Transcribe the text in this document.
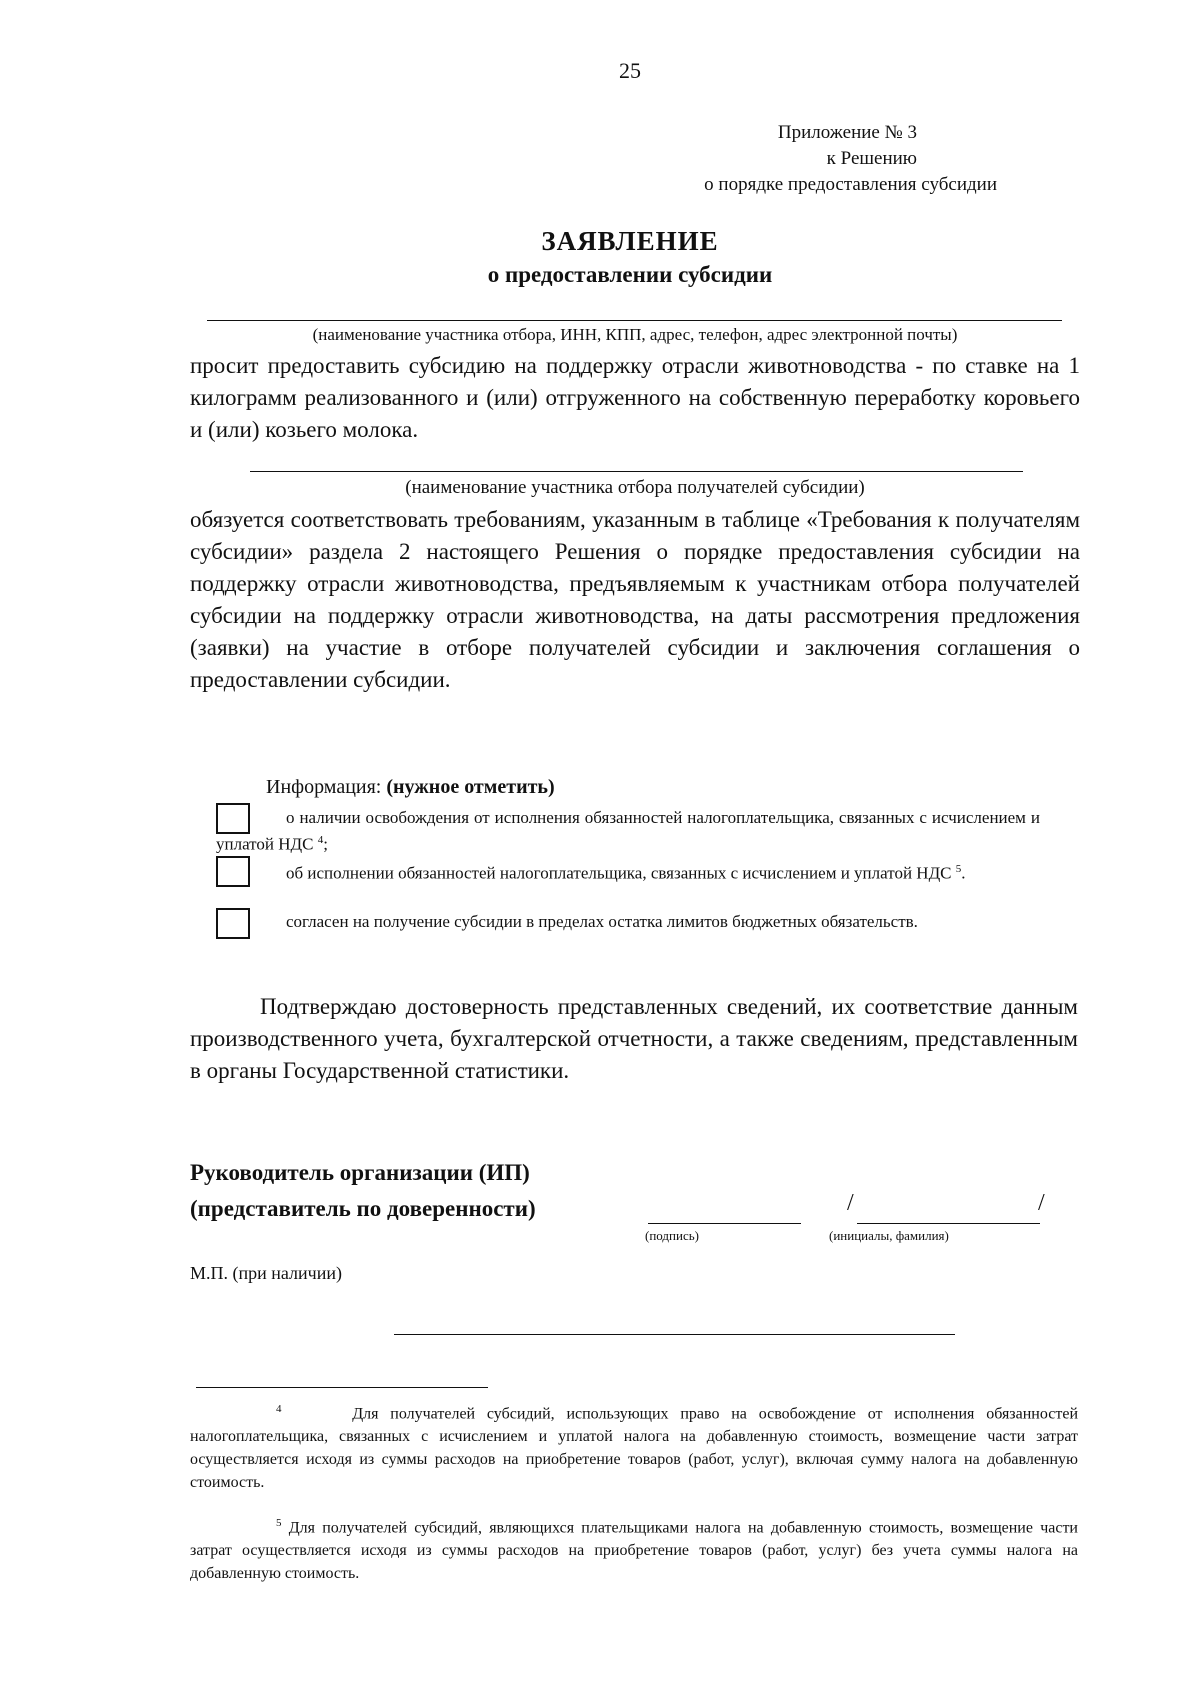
25
Приложение № 3
к Решению
о порядке предоставления субсидии
ЗАЯВЛЕНИЕ
о предоставлении субсидии
(наименование участника отбора, ИНН, КПП, адрес, телефон, адрес электронной почты)
просит предоставить субсидию на поддержку отрасли животноводства - по ставке на 1 килограмм реализованного и (или) отгруженного на собственную переработку коровьего и (или) козьего молока.
(наименование участника отбора получателей субсидии)
обязуется соответствовать требованиям, указанным в таблице «Требования к получателям субсидии» раздела 2 настоящего Решения о порядке предоставления субсидии на поддержку отрасли животноводства, предъявляемым к участникам отбора получателей субсидии на поддержку отрасли животноводства, на даты рассмотрения предложения (заявки) на участие в отборе получателей субсидии и заключения соглашения о предоставлении субсидии.
Информация: (нужное отметить)
о наличии освобождения от исполнения обязанностей налогоплательщика, связанных с исчислением и уплатой НДС $^4$;
об исполнении обязанностей налогоплательщика, связанных с исчислением и уплатой НДС $^5$.
согласен на получение субсидии в пределах остатка лимитов бюджетных обязательств.
Подтверждаю достоверность представленных сведений, их соответствие данным производственного учета, бухгалтерской отчетности, а также сведениям, представленным в органы Государственной статистики.
Руководитель организации (ИП)
(представитель по доверенности)	/	/
(подпись)	(инициалы, фамилия)
М.П. (при наличии)
$^4$	Для получателей субсидий, использующих право на освобождение от исполнения обязанностей налогоплательщика, связанных с исчислением и уплатой налога на добавленную стоимость, возмещение части затрат осуществляется исходя из суммы расходов на приобретение товаров (работ, услуг), включая сумму налога на добавленную стоимость.
$^5$ Для получателей субсидий, являющихся плательщиками налога на добавленную стоимость, возмещение части затрат осуществляется исходя из суммы расходов на приобретение товаров (работ, услуг) без учета суммы налога на добавленную стоимость.
